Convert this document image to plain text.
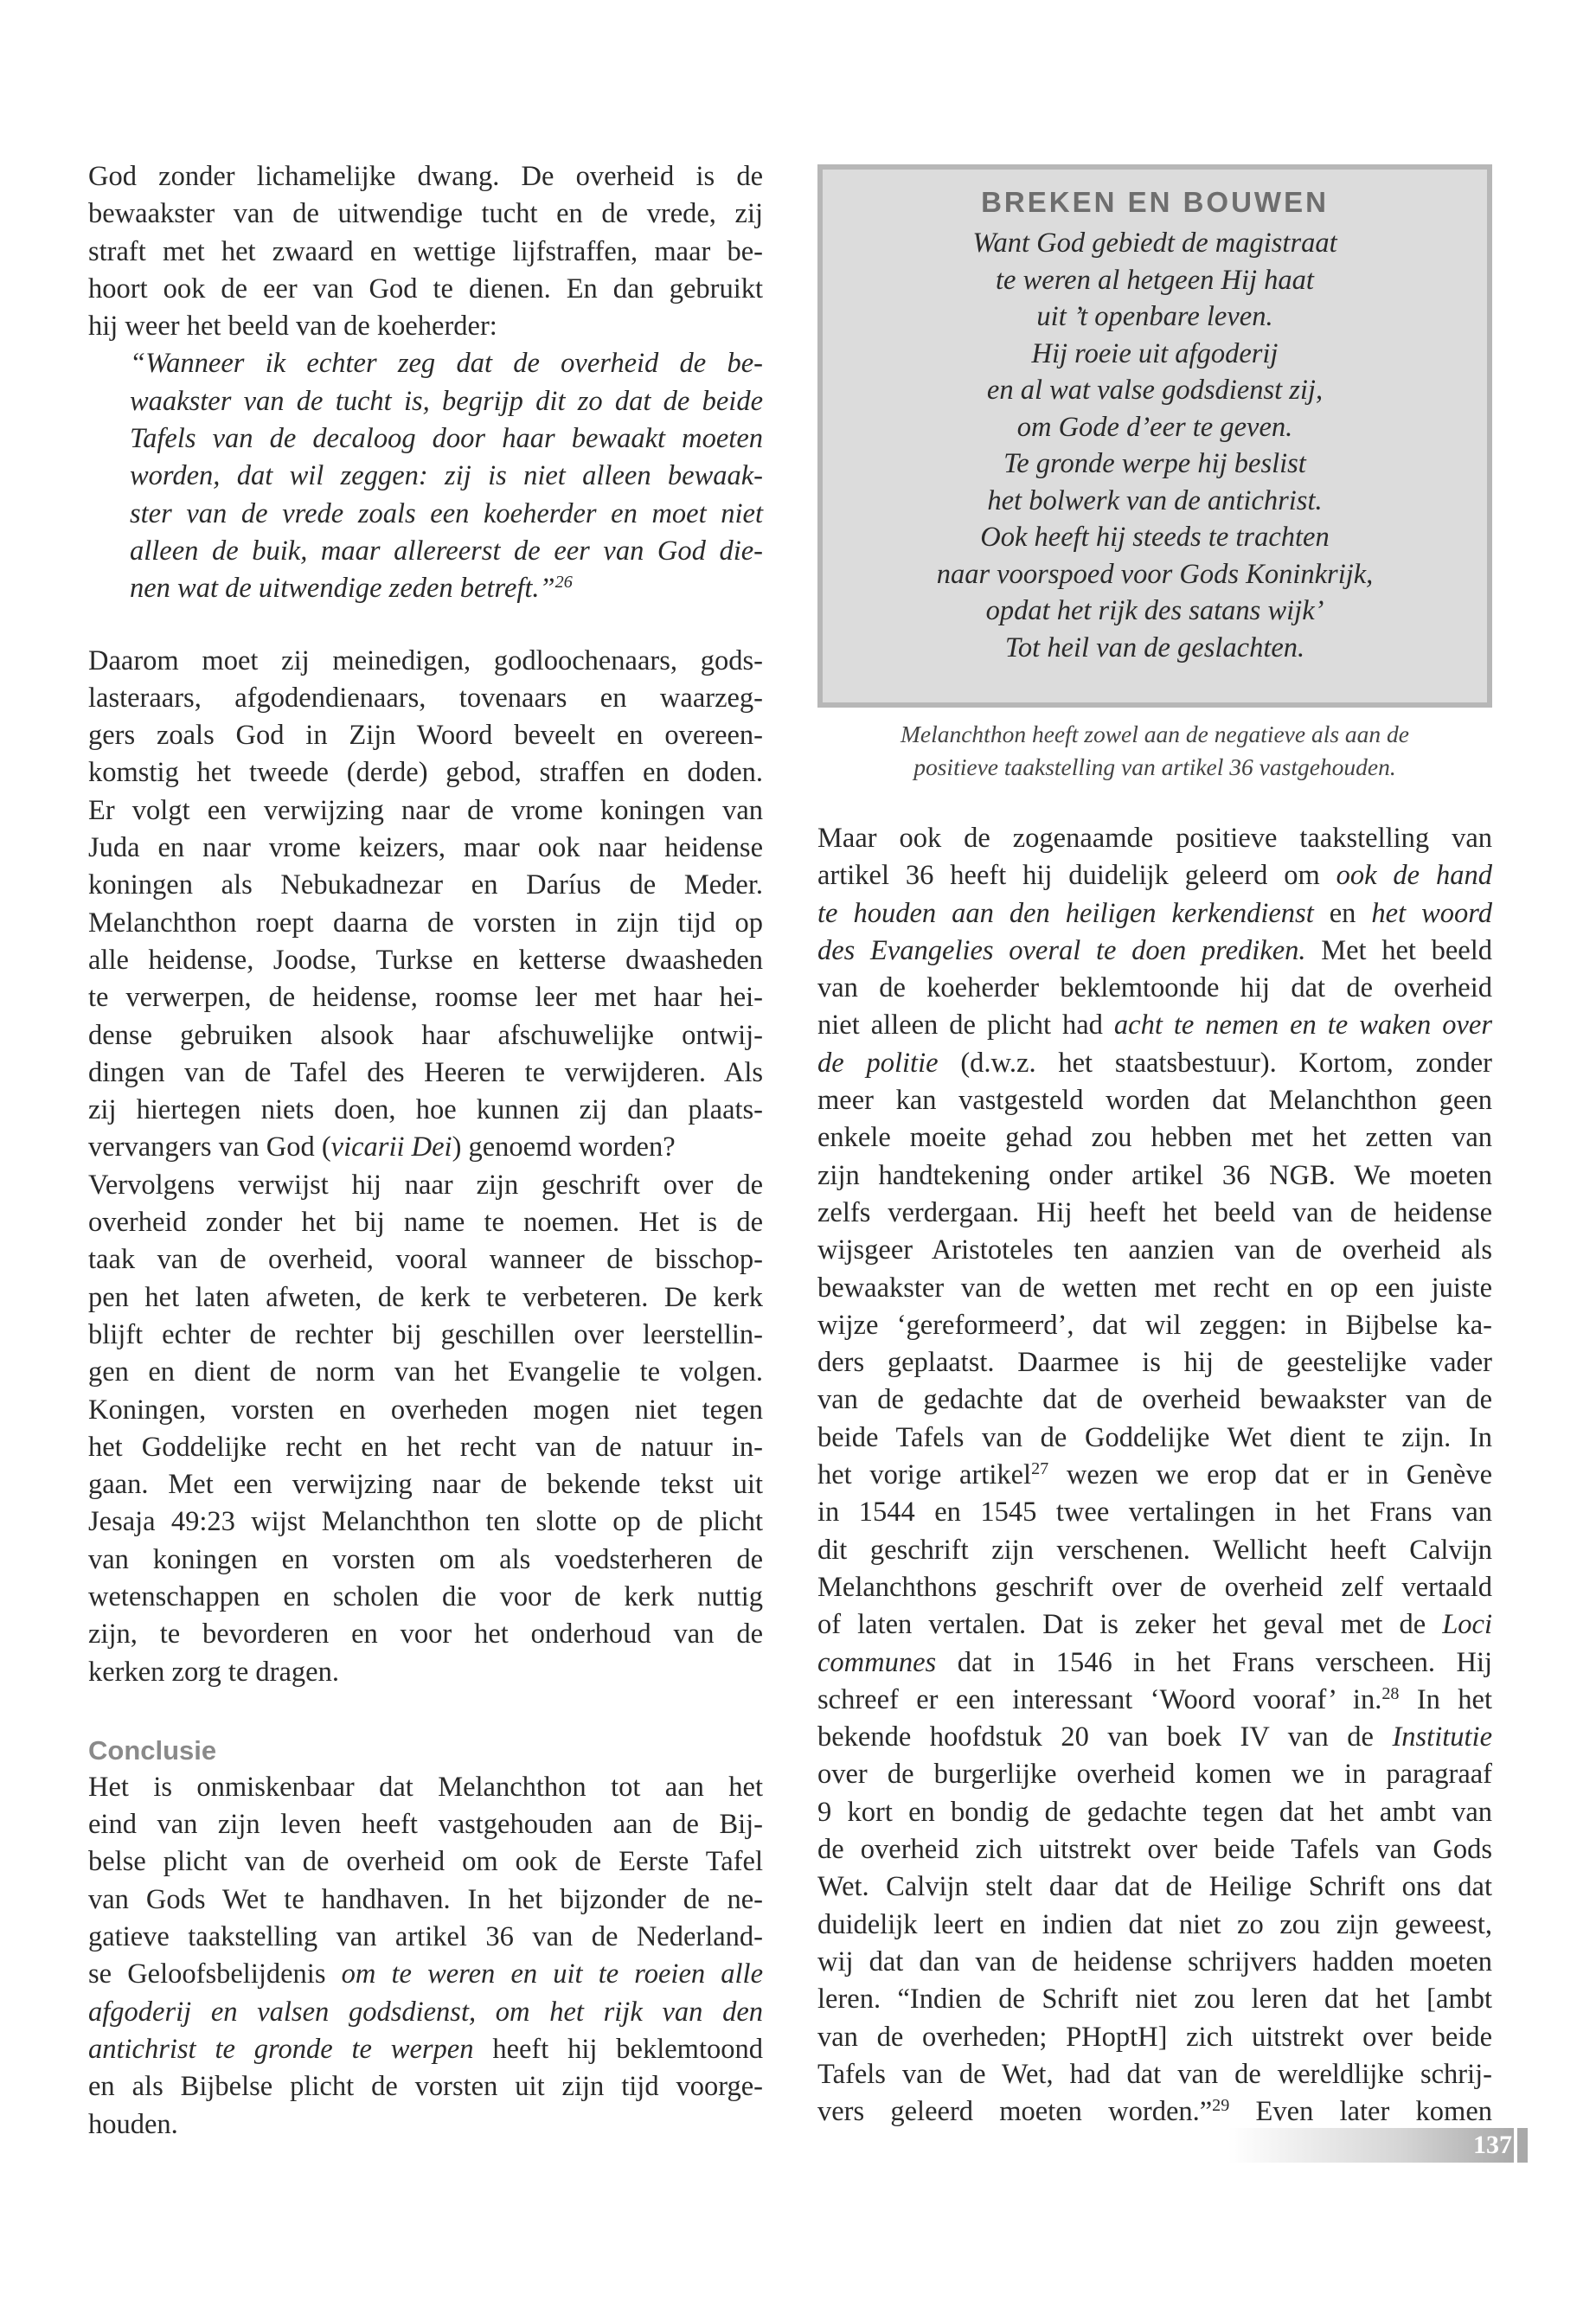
God zonder lichamelijke dwang. De overheid is de

bewaakster van de uitwendige tucht en de vrede, zij

straft met het zwaard en wettige lijfstraffen, maar be-

hoort ook de eer van God te dienen. En dan gebruikt

hij weer het beeld van de koeherder:

“Wanneer ik echter zeg dat de overheid de be-

waakster van de tucht is, begrijp dit zo dat de beide

Tafels van de decaloog door haar bewaakt moeten

worden, dat wil zeggen: zij is niet alleen bewaak-

ster van de vrede zoals een koeherder en moet niet

alleen de buik, maar allereerst de eer van God die-

nen wat de uitwendige zeden betreft.”$^{26}$

Daarom moet zij meinedigen, godloochenaars, gods-

lasteraars, afgodendienaars, tovenaars en waarzeg-

gers zoals God in Zijn Woord beveelt en overeen-

komstig het tweede (derde) gebod, straffen en doden.

Er volgt een verwijzing naar de vrome koningen van

Juda en naar vrome keizers, maar ook naar heidense

koningen als Nebukadnezar en Daríus de Meder.

Melanchthon roept daarna de vorsten in zijn tijd op

alle heidense, Joodse, Turkse en ketterse dwaasheden

te verwerpen, de heidense, roomse leer met haar hei-

dense gebruiken alsook haar afschuwelijke ontwij-

dingen van de Tafel des Heeren te verwijderen. Als

zij hiertegen niets doen, hoe kunnen zij dan plaats-

vervangers van God (vicarii Dei) genoemd worden?

Vervolgens verwijst hij naar zijn geschrift over de

overheid zonder het bij name te noemen. Het is de

taak van de overheid, vooral wanneer de bisschop-

pen het laten afweten, de kerk te verbeteren. De kerk

blijft echter de rechter bij geschillen over leerstellin-

gen en dient de norm van het Evangelie te volgen.

Koningen, vorsten en overheden mogen niet tegen

het Goddelijke recht en het recht van de natuur in-

gaan. Met een verwijzing naar de bekende tekst uit

Jesaja 49:23 wijst Melanchthon ten slotte op de plicht

van koningen en vorsten om als voedsterheren de

wetenschappen en scholen die voor de kerk nuttig

zijn, te bevorderen en voor het onderhoud van de

kerken zorg te dragen.

Conclusie

Het is onmiskenbaar dat Melanchthon tot aan het

eind van zijn leven heeft vastgehouden aan de Bij-

belse plicht van de overheid om ook de Eerste Tafel

van Gods Wet te handhaven. In het bijzonder de ne-

gatieve taakstelling van artikel 36 van de Nederland-

se Geloofsbelijdenis om te weren en uit te roeien alle

afgoderij en valsen godsdienst, om het rijk van den

antichrist te gronde te werpen heeft hij beklemtoond

en als Bijbelse plicht de vorsten uit zijn tijd voorge-

houden.

BREKEN EN BOUWEN
Want God gebiedt de magistraat
te weren al hetgeen Hij haat
uit ’t openbare leven.
Hij roeie uit afgoderij
en al wat valse godsdienst zij,
om Gode d’eer te geven.
Te gronde werpe hij beslist
het bolwerk van de antichrist.
Ook heeft hij steeds te trachten
naar voorspoed voor Gods Koninkrijk,
opdat het rijk des satans wijk’
Tot heil van de geslachten.
Melanchthon heeft zowel aan de negatieve als aan de
positieve taakstelling van artikel 36 vastgehouden.

Maar ook de zogenaamde positieve taakstelling van

artikel 36 heeft hij duidelijk geleerd om ook de hand

te houden aan den heiligen kerkendienst en het woord

des Evangelies overal te doen prediken. Met het beeld

van de koeherder beklemtoonde hij dat de overheid

niet alleen de plicht had acht te nemen en te waken over

de politie (d.w.z. het staatsbestuur). Kortom, zonder

meer kan vastgesteld worden dat Melanchthon geen

enkele moeite gehad zou hebben met het zetten van

zijn handtekening onder artikel 36 NGB. We moeten

zelfs verdergaan. Hij heeft het beeld van de heidense

wijsgeer Aristoteles ten aanzien van de overheid als

bewaakster van de wetten met recht en op een juiste

wijze ‘gereformeerd’, dat wil zeggen: in Bijbelse ka-

ders geplaatst. Daarmee is hij de geestelijke vader

van de gedachte dat de overheid bewaakster van de

beide Tafels van de Goddelijke Wet dient te zijn. In

het vorige artikel$^{27}$ wezen we erop dat er in Genève

in 1544 en 1545 twee vertalingen in het Frans van

dit geschrift zijn verschenen. Wellicht heeft Calvijn

Melanchthons geschrift over de overheid zelf vertaald

of laten vertalen. Dat is zeker het geval met de Loci

communes dat in 1546 in het Frans verscheen. Hij

schreef er een interessant ‘Woord vooraf’ in.$^{28}$ In het

bekende hoofdstuk 20 van boek IV van de Institutie

over de burgerlijke overheid komen we in paragraaf

9 kort en bondig de gedachte tegen dat het ambt van

de overheid zich uitstrekt over beide Tafels van Gods

Wet. Calvijn stelt daar dat de Heilige Schrift ons dat

duidelijk leert en indien dat niet zo zou zijn geweest,

wij dat dan van de heidense schrijvers hadden moeten

leren. “Indien de Schrift niet zou leren dat het [ambt

van de overheden; PHoptH] zich uitstrekt over beide

Tafels van de Wet, had dat van de wereldlijke schrij-

vers geleerd moeten worden.”$^{29}$ Even later komen

137
